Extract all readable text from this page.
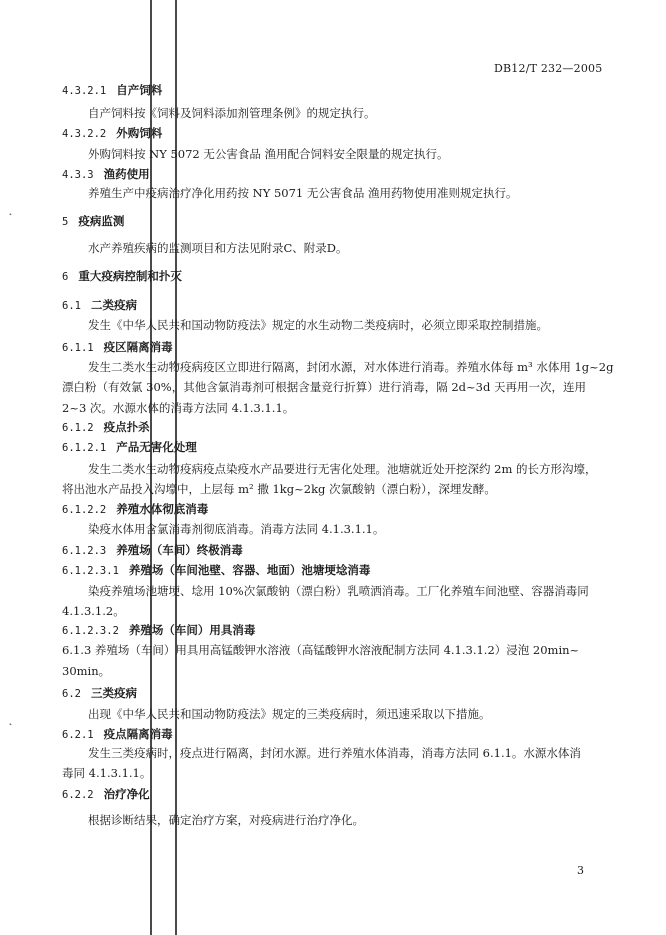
˛
˛
DB12/T 232—2005
4.3.2.1 自产饲料
自产饲料按《饲料及饲料添加剂管理条例》的规定执行。
4.3.2.2 外购饲料
外购饲料按 NY 5072 无公害食品 渔用配合饲料安全限量的规定执行。
4.3.3 渔药使用
养殖生产中疫病治疗净化用药按 NY 5071 无公害食品 渔用药物使用准则规定执行。
5 疫病监测
水产养殖疾病的监测项目和方法见附录C、附录D。
6 重大疫病控制和扑灭
6.1 二类疫病
发生《中华人民共和国动物防疫法》规定的水生动物二类疫病时，必须立即采取控制措施。
6.1.1 疫区隔离消毒
发生二类水生动物疫病疫区立即进行隔离，封闭水源，对水体进行消毒。养殖水体每 m³ 水体用 1g~2g
漂白粉（有效氯 30%，其他含氯消毒剂可根据含量竞行折算）进行消毒，隔 2d~3d 天再用一次，连用
2~3 次。水源水体的消毒方法同 4.1.3.1.1。
6.1.2 疫点扑杀
6.1.2.1 产品无害化处理
发生二类水生动物疫病疫点染疫水产品要进行无害化处理。池塘就近处开挖深约 2m 的长方形沟壕，
将出池水产品投入沟壕中，上层每 m² 撒 1kg~2kg 次氯酸钠（漂白粉），深埋发酵。
6.1.2.2 养殖水体彻底消毒
染疫水体用含氯消毒剂彻底消毒。消毒方法同 4.1.3.1.1。
6.1.2.3 养殖场（车间）终极消毒
6.1.2.3.1 养殖场（车间池壁、容器、地面）池塘埂埝消毒
染疫养殖场池塘埂、埝用 10%次氯酸钠（漂白粉）乳喷洒消毒。工厂化养殖车间池壁、容器消毒同
4.1.3.1.2。
6.1.2.3.2 养殖场（车间）用具消毒
6.1.3 养殖场（车间）用具用高锰酸钾水溶液（高锰酸钾水溶液配制方法同 4.1.3.1.2）浸泡 20min~
30min。
6.2 三类疫病
出现《中华人民共和国动物防疫法》规定的三类疫病时，须迅速采取以下措施。
6.2.1 疫点隔离消毒
发生三类疫病时，疫点进行隔离，封闭水源。进行养殖水体消毒，消毒方法同 6.1.1。水源水体消
毒同 4.1.3.1.1。
6.2.2 治疗净化
根据诊断结果，确定治疗方案，对疫病进行治疗净化。
3
